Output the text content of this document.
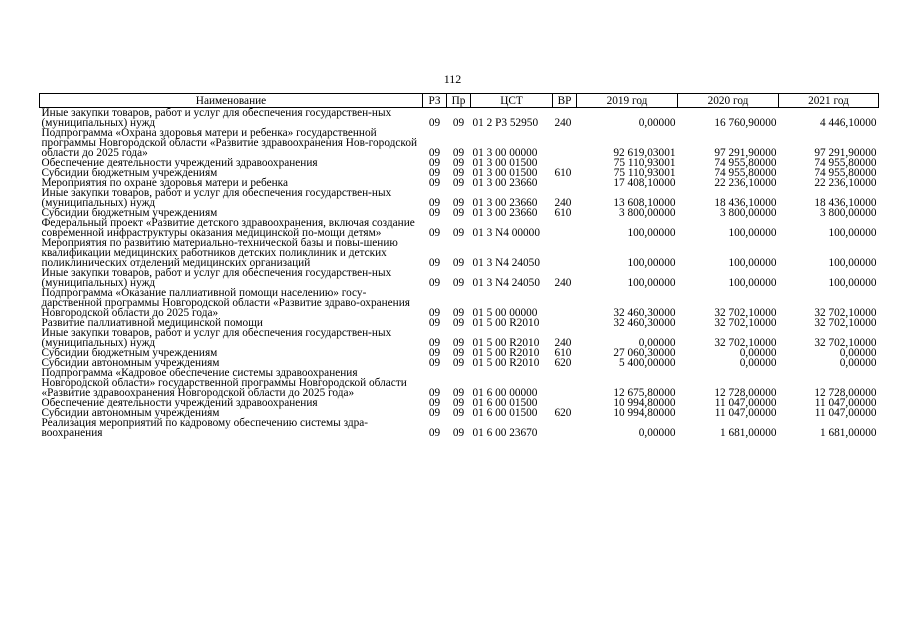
112
Наименование	РЗ	Пр	ЦСТ	ВР	2019 год	2020 год	2021 год
Иные закупки товаров, работ и услуг для обеспечения государствен-ных (муниципальных) нужд	09	09	01 2 P3 52950	240	0,00000	16 760,90000	4 446,10000
Подпрограмма «Охрана здоровья матери и ребенка» государственной программы Новгородской области «Развитие здравоохранения Нов-городской области до 2025 года»	09	09	01 3 00 00000		92 619,03001	97 291,90000	97 291,90000
Обеспечение деятельности учреждений здравоохранения	09	09	01 3 00 01500		75 110,93001	74 955,80000	74 955,80000
Субсидии бюджетным учреждениям	09	09	01 3 00 01500	610	75 110,93001	74 955,80000	74 955,80000
Мероприятия по охране здоровья матери и ребенка	09	09	01 3 00 23660		17 408,10000	22 236,10000	22 236,10000
Иные закупки товаров, работ и услуг для обеспечения государствен-ных (муниципальных) нужд	09	09	01 3 00 23660	240	13 608,10000	18 436,10000	18 436,10000
Субсидии бюджетным учреждениям	09	09	01 3 00 23660	610	3 800,00000	3 800,00000	3 800,00000
Федеральный проект «Развитие детского здравоохранения, включая создание современной инфраструктуры оказания медицинской по-мощи детям»	09	09	01 3 N4 00000		100,00000	100,00000	100,00000
Мероприятия по развитию материально-технической базы и повы-шению квалификации медицинских работников детских поликлиник и детских поликлинических отделений медицинских организаций	09	09	01 3 N4 24050		100,00000	100,00000	100,00000
Иные закупки товаров, работ и услуг для обеспечения государствен-ных (муниципальных) нужд	09	09	01 3 N4 24050	240	100,00000	100,00000	100,00000
Подпрограмма «Оказание паллиативной помощи населению» госу-дарственной программы Новгородской области «Развитие здраво-охранения Новгородской области до 2025 года»	09	09	01 5 00 00000		32 460,30000	32 702,10000	32 702,10000
Развитие паллиативной медицинской помощи	09	09	01 5 00 R2010		32 460,30000	32 702,10000	32 702,10000
Иные закупки товаров, работ и услуг для обеспечения государствен-ных (муниципальных) нужд	09	09	01 5 00 R2010	240	0,00000	32 702,10000	32 702,10000
Субсидии бюджетным учреждениям	09	09	01 5 00 R2010	610	27 060,30000	0,00000	0,00000
Субсидии автономным учреждениям	09	09	01 5 00 R2010	620	5 400,00000	0,00000	0,00000
Подпрограмма «Кадровое обеспечение системы здравоохранения Новгородской области» государственной программы Новгородской области «Развитие здравоохранения Новгородской области до 2025 года»	09	09	01 6 00 00000		12 675,80000	12 728,00000	12 728,00000
Обеспечение деятельности учреждений здравоохранения	09	09	01 6 00 01500		10 994,80000	11 047,00000	11 047,00000
Субсидии автономным учреждениям	09	09	01 6 00 01500	620	10 994,80000	11 047,00000	11 047,00000
Реализация мероприятий по кадровому обеспечению системы здра-воохранения	09	09	01 6 00 23670		0,00000	1 681,00000	1 681,00000
